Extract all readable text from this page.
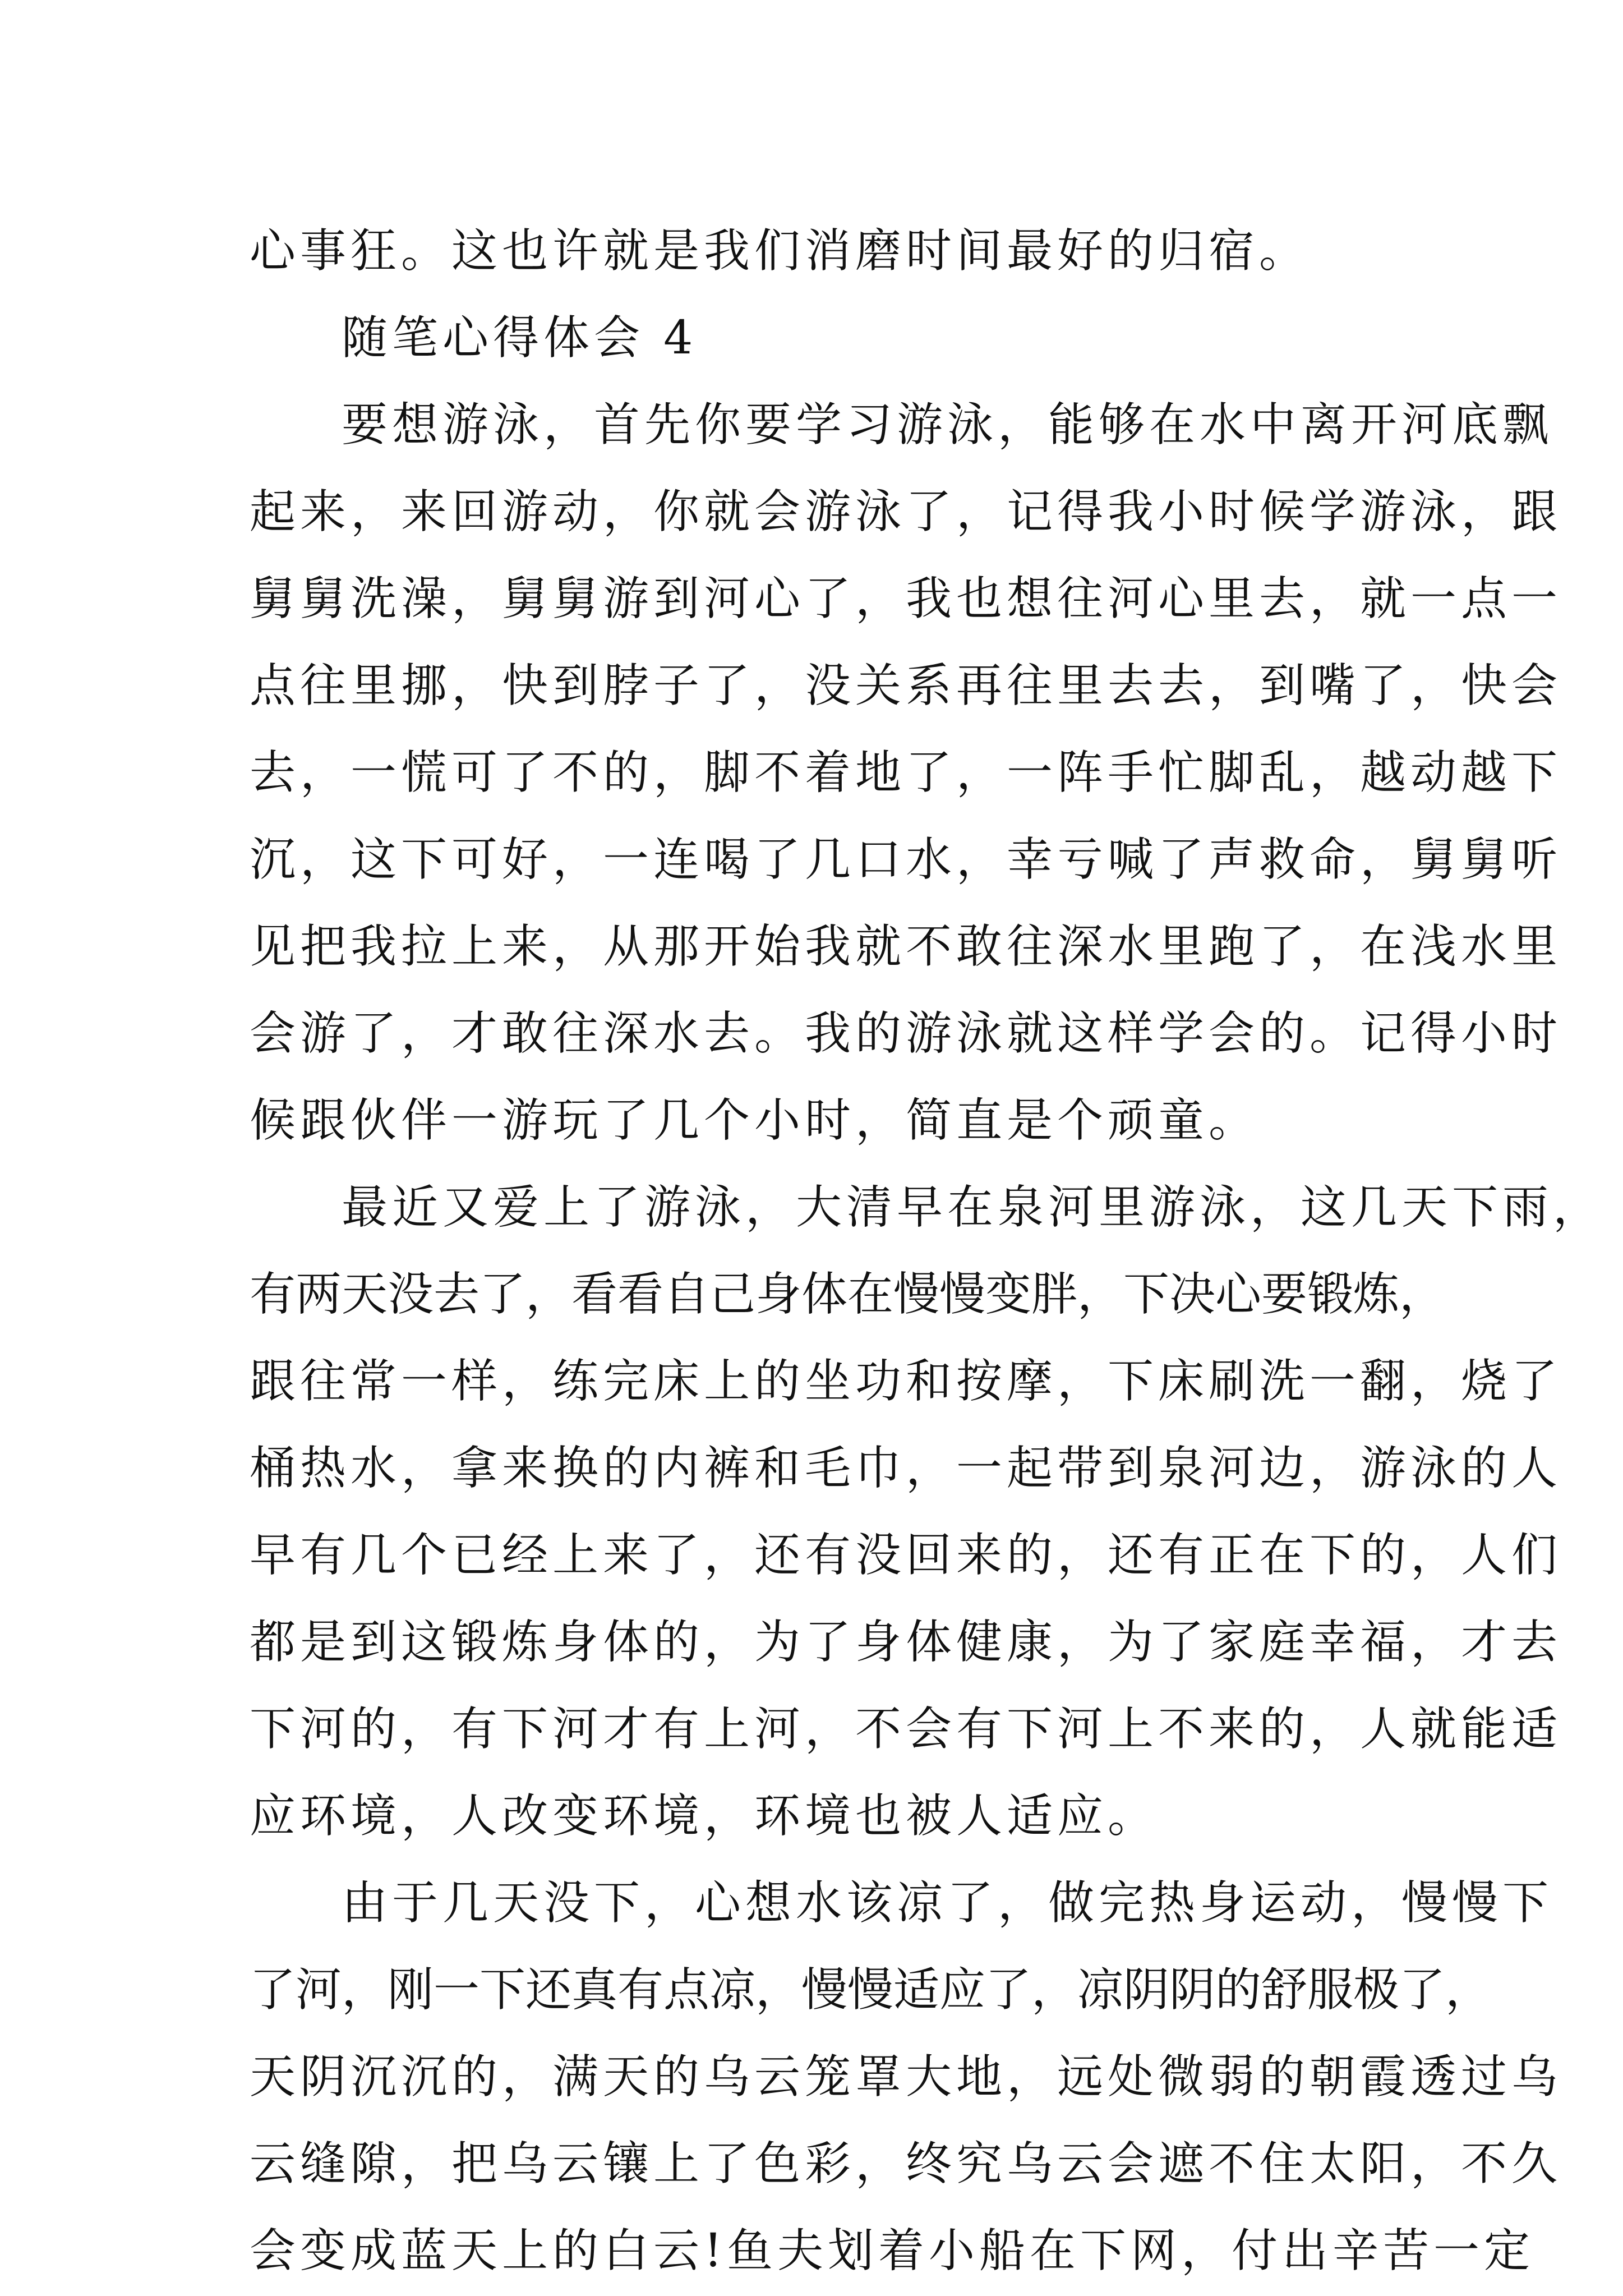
心事狂。这也许就是我们消磨时间最好的归宿。
随笔心得体会 4
要想游泳，首先你要学习游泳，能够在水中离开河底飘
起来，来回游动，你就会游泳了，记得我小时候学游泳，跟
舅舅洗澡，舅舅游到河心了，我也想往河心里去，就一点一
点往里挪，快到脖子了，没关系再往里去去，到嘴了，快会
去，一慌可了不的，脚不着地了，一阵手忙脚乱，越动越下
沉，这下可好，一连喝了几口水，幸亏喊了声救命，舅舅听
见把我拉上来，从那开始我就不敢往深水里跑了，在浅水里
会游了，才敢往深水去。我的游泳就这样学会的。记得小时
候跟伙伴一游玩了几个小时，简直是个顽童。
最近又爱上了游泳，大清早在泉河里游泳，这几天下雨，
有两天没去了，看看自己身体在慢慢变胖，下决心要锻炼，
跟往常一样，练完床上的坐功和按摩，下床刷洗一翻，烧了
桶热水，拿来换的内裤和毛巾，一起带到泉河边，游泳的人
早有几个已经上来了，还有没回来的，还有正在下的，人们
都是到这锻炼身体的，为了身体健康，为了家庭幸福，才去
下河的，有下河才有上河，不会有下河上不来的，人就能适
应环境，人改变环境，环境也被人适应。
由于几天没下，心想水该凉了，做完热身运动，慢慢下
了河，刚一下还真有点凉，慢慢适应了，凉阴阴的舒服极了，
天阴沉沉的，满天的乌云笼罩大地，远处微弱的朝霞透过乌
云缝隙，把乌云镶上了色彩，终究乌云会遮不住太阳，不久
会变成蓝天上的白云!鱼夫划着小船在下网，付出辛苦一定
